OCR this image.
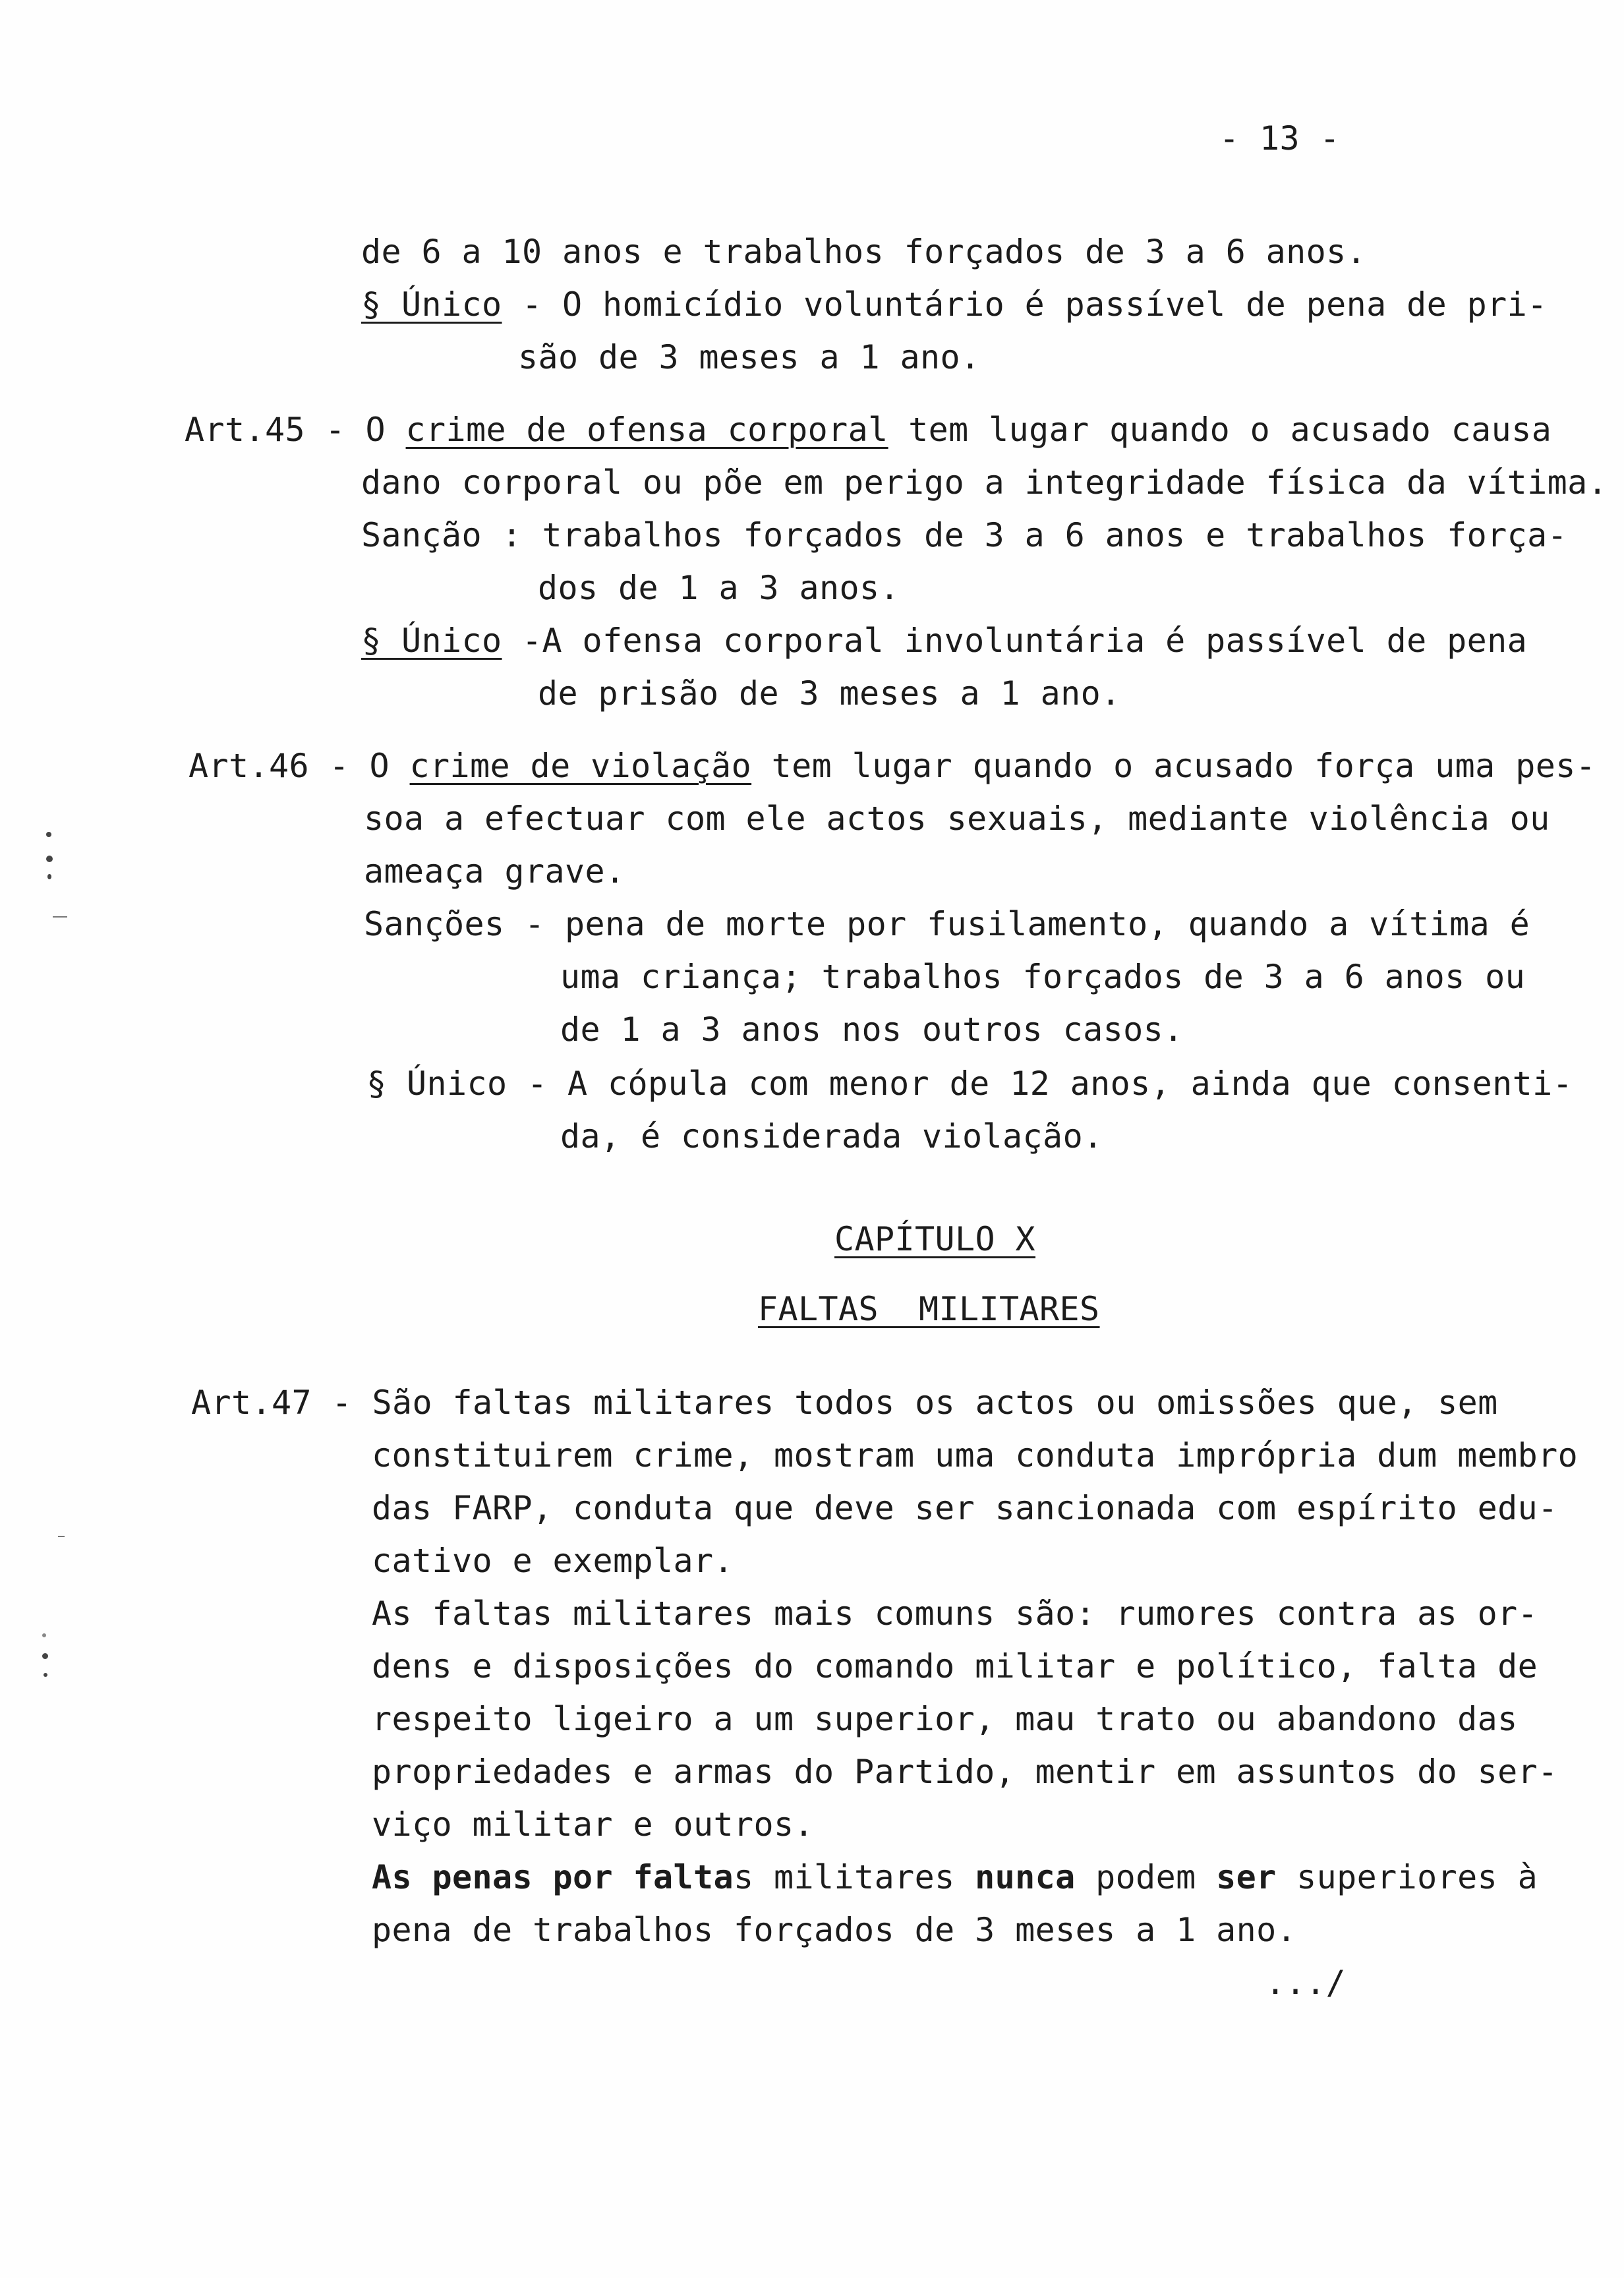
- 13 -
de 6 a 10 anos e trabalhos forçados de 3 a 6 anos.
§ Único - O homicídio voluntário é passível de pena de pri-
são de 3 meses a 1 ano.
Art.45 - O crime de ofensa corporal tem lugar quando o acusado causa
dano corporal ou põe em perigo a integridade física da vítima.
Sanção : trabalhos forçados de 3 a 6 anos e trabalhos força-
dos de 1 a 3 anos.
§ Único -A ofensa corporal involuntária é passível de pena
de prisão de 3 meses a 1 ano.
Art.46 - O crime de violação tem lugar quando o acusado força uma pes-
soa a efectuar com ele actos sexuais, mediante violência ou
ameaça grave.
Sanções - pena de morte por fusilamento, quando a vítima é
uma criança; trabalhos forçados de 3 a 6 anos ou
de 1 a 3 anos nos outros casos.
§ Único - A cópula com menor de 12 anos, ainda que consenti-
da, é considerada violação.
CAPÍTULO X
FALTAS  MILITARES
Art.47 - São faltas militares todos os actos ou omissões que, sem
constituirem crime, mostram uma conduta imprópria dum membro
das FARP, conduta que deve ser sancionada com espírito edu-
cativo e exemplar.
As faltas militares mais comuns são: rumores contra as or-
dens e disposições do comando militar e político, falta de
respeito ligeiro a um superior, mau trato ou abandono das
propriedades e armas do Partido, mentir em assuntos do ser-
viço militar e outros.
As penas por faltas militares nunca podem ser superiores à
pena de trabalhos forçados de 3 meses a 1 ano.
.../
